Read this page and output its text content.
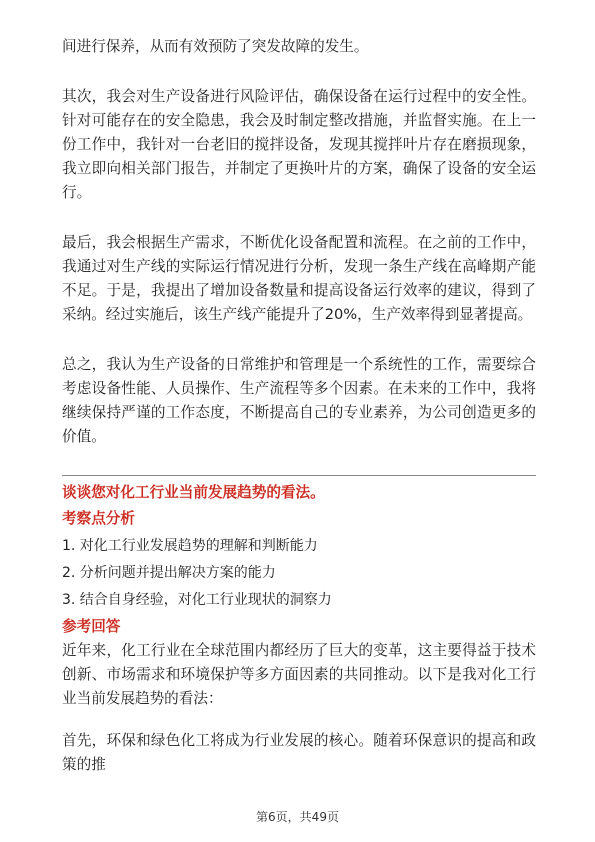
间进行保养，从而有效预防了突发故障的发生。

其次，我会对生产设备进行风险评估，确保设备在运行过程中的安全性。针对可能存在的安全隐患，我会及时制定整改措施，并监督实施。在上一份工作中，我针对一台老旧的搅拌设备，发现其搅拌叶片存在磨损现象，我立即向相关部门报告，并制定了更换叶片的方案，确保了设备的安全运行。

最后，我会根据生产需求，不断优化设备配置和流程。在之前的工作中，我通过对生产线的实际运行情况进行分析，发现一条生产线在高峰期产能不足。于是，我提出了增加设备数量和提高设备运行效率的建议，得到了采纳。经过实施后，该生产线产能提升了20%，生产效率得到显著提高。

总之，我认为生产设备的日常维护和管理是一个系统性的工作，需要综合考虑设备性能、人员操作、生产流程等多个因素。在未来的工作中，我将继续保持严谨的工作态度，不断提高自己的专业素养，为公司创造更多的价值。

谈谈您对化工行业当前发展趋势的看法。

考察点分析

1. 对化工行业发展趋势的理解和判断能力
2. 分析问题并提出解决方案的能力
3. 结合自身经验，对化工行业现状的洞察力

参考回答

近年来，化工行业在全球范围内都经历了巨大的变革，这主要得益于技术创新、市场需求和环境保护等多方面因素的共同推动。以下是我对化工行业当前发展趋势的看法：

首先，环保和绿色化工将成为行业发展的核心。随着环保意识的提高和政策的推

第6页，共49页
